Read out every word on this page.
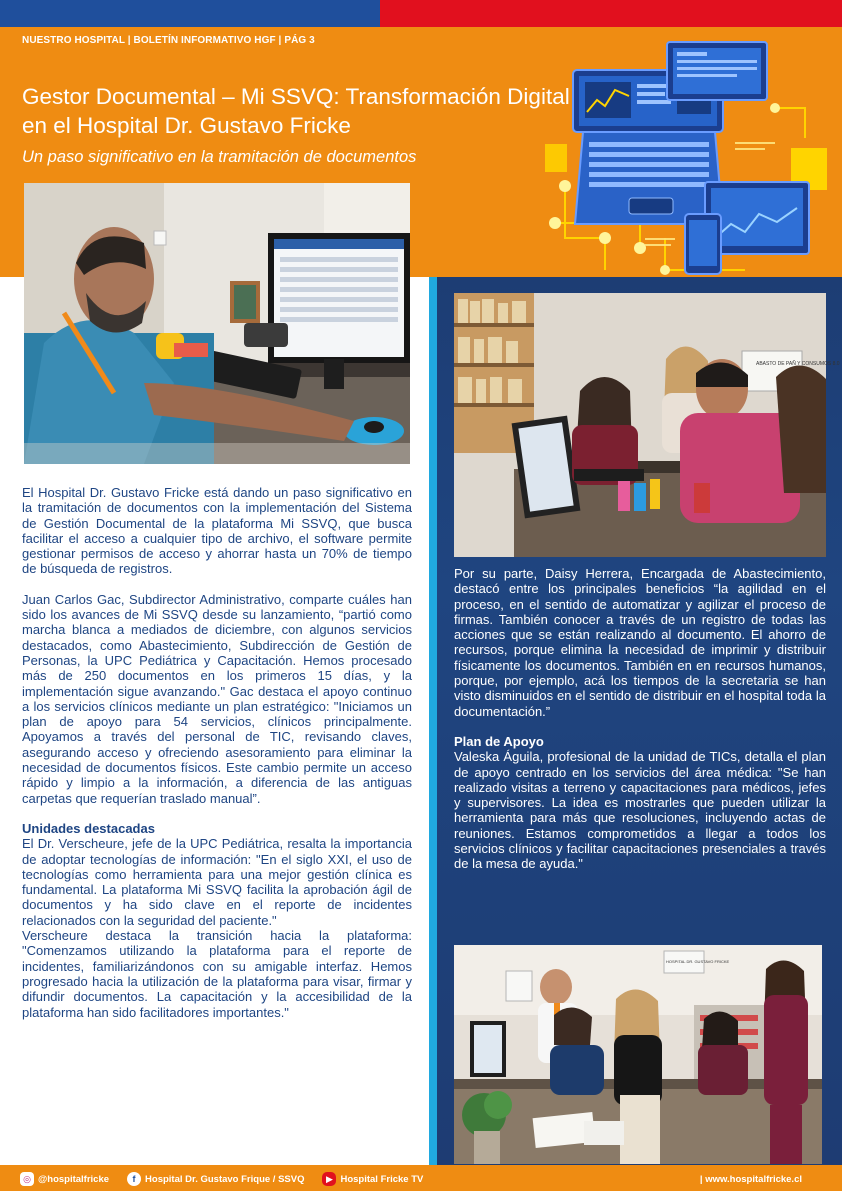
NUESTRO HOSPITAL | BOLETÍN INFORMATIVO HGF | PÁG 3
Gestor Documental – Mi SSVQ: Transformación Digital en el Hospital Dr. Gustavo Fricke
Un paso significativo en la tramitación de documentos
ABASTO DE PAÑ Y CONSUMOS 8.0
HOSPITAL DR. GUSTAVO FRICKE

El Hospital Dr. Gustavo Fricke está dando un paso significativo en la tramitación de documentos con la implementación del Sistema de Gestión Documental de la plataforma Mi SSVQ, que busca facilitar el acceso a cualquier tipo de archivo, el software permite gestionar permisos de acceso y ahorrar hasta un 70% de tiempo de búsqueda de registros.

Juan Carlos Gac, Subdirector Administrativo, comparte cuáles han sido los avances de Mi SSVQ desde su lanzamiento, “partió como marcha blanca a mediados de diciembre, con algunos servicios destacados, como Abastecimiento, Subdirección de Gestión de Personas, la UPC Pediátrica y Capacitación. Hemos procesado más de 250 documentos en los primeros 15 días, y la implementación sigue avanzando." Gac destaca el apoyo continuo a los servicios clínicos mediante un plan estratégico: "Iniciamos un plan de apoyo para 54 servicios, clínicos principalmente. Apoyamos a través del personal de TIC, revisando claves, asegurando acceso y ofreciendo asesoramiento para eliminar la necesidad de documentos físicos. Este cambio permite un acceso rápido y limpio a la información, a diferencia de las antiguas carpetas que requerían traslado manual”.

Unidades destacadas

El Dr. Verscheure, jefe de la UPC Pediátrica, resalta la importancia de adoptar tecnologías de información: "En el siglo XXI, el uso de tecnologías como herramienta para una mejor gestión clínica es fundamental. La plataforma Mi SSVQ facilita la aprobación ágil de documentos y ha sido clave en el reporte de incidentes relacionados con la seguridad del paciente."

Verscheure destaca la transición hacia la plataforma: "Comenzamos utilizando la plataforma para el reporte de incidentes, familiarizándonos con su amigable interfaz. Hemos progresado hacia la utilización de la plataforma para visar, firmar y difundir documentos. La capacitación y la accesibilidad de la plataforma han sido facilitadores importantes."

Por su parte, Daisy Herrera, Encargada de Abastecimiento, destacó entre los principales beneficios “la agilidad en el proceso, en el sentido de automatizar y agilizar el proceso de firmas. También conocer a través de un registro de todas las acciones que se están realizando al documento. El ahorro de recursos, porque elimina la necesidad de imprimir y distribuir físicamente los documentos. También en en recursos humanos, porque, por ejemplo, acá los tiempos de la secretaria se han visto disminuidos en el sentido de distribuir en el hospital toda la documentación.”

Plan de Apoyo

Valeska Águila, profesional de la unidad de TICs, detalla el plan de apoyo centrado en los servicios del área médica: "Se han realizado visitas a terreno y capacitaciones para médicos, jefes y supervisores. La idea es mostrarles que pueden utilizar la herramienta para más que resoluciones, incluyendo actas de reuniones. Estamos comprometidos a llegar a todos los servicios clínicos y facilitar capacitaciones presenciales a través de la mesa de ayuda."

◎ @hospitalfricke	f	Hospital Dr. Gustavo Frique / SSVQ	▶ Hospital Fricke TV	| www.hospitalfricke.cl
